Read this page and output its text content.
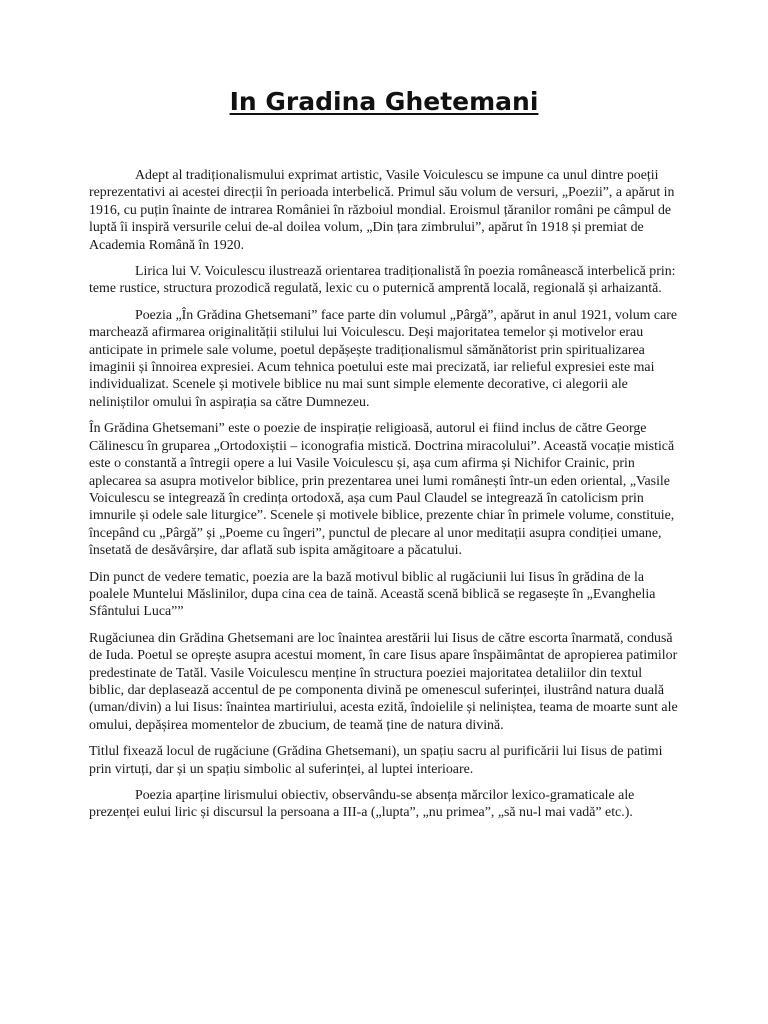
In Gradina Ghetemani

Adept al tradiționalismului exprimat artistic, Vasile Voiculescu se impune ca unul dintre poeții reprezentativi ai acestei direcții în perioada interbelică. Primul său volum de versuri, „Poezii”, a apărut in 1916, cu puțin înainte de intrarea României în războiul mondial. Eroismul țăranilor români pe câmpul de luptă îi inspiră versurile celui de-al doilea volum, „Din țara zimbrului”, apărut în 1918 și premiat de Academia Română în 1920.

Lirica lui V. Voiculescu ilustrează orientarea tradiționalistă în poezia românească interbelică prin: teme rustice, structura prozodică regulată, lexic cu o puternică amprentă locală, regională și arhaizantă.

Poezia „În Grădina Ghetsemani” face parte din volumul „Pârgă”, apărut in anul 1921, volum care marchează afirmarea originalității stilului lui Voiculescu. Deși majoritatea temelor și motivelor erau anticipate in primele sale volume, poetul depășește tradiționalismul sămănătorist prin spiritualizarea imaginii și înnoirea expresiei. Acum tehnica poetului este mai precizată, iar relieful expresiei este mai individualizat. Scenele și motivele biblice nu mai sunt simple elemente decorative, ci alegorii ale neliniștilor omului în aspirația sa către Dumnezeu.

În Grădina Ghetsemani” este o poezie de inspirație religioasă, autorul ei fiind inclus de către George Călinescu în gruparea „Ortodoxiștii – iconografia mistică. Doctrina miracolului”. Această vocație mistică este o constantă a întregii opere a lui Vasile Voiculescu și, așa cum afirma și Nichifor Crainic, prin aplecarea sa asupra motivelor biblice, prin prezentarea unei lumi românești într-un eden oriental, „Vasile Voiculescu se integrează în credința ortodoxă, așa cum Paul Claudel se integrează în catolicism prin imnurile și odele sale liturgice”. Scenele și motivele biblice, prezente chiar în primele volume, constituie, începând cu „Pârgă” și „Poeme cu îngeri”, punctul de plecare al unor meditații asupra condiției umane, însetată de desăvârșire, dar aflată sub ispita amăgitoare a păcatului.

Din punct de vedere tematic, poezia are la bază motivul biblic al rugăciunii lui Iisus în grădina de la poalele Muntelui Măslinilor, dupa cina cea de taină. Această scenă biblică se regasește în „Evanghelia Sfântului Luca””

Rugăciunea din Grădina Ghetsemani are loc înaintea arestării lui Iisus de către escorta înarmată, condusă de Iuda. Poetul se oprește asupra acestui moment, în care Iisus apare înspăimântat de apropierea patimilor predestinate de Tatăl. Vasile Voiculescu menține în structura poeziei majoritatea detaliilor din textul biblic, dar deplasează accentul de pe componenta divină pe omenescul suferinței, ilustrând natura duală (uman/divin) a lui Iisus: înaintea martiriului, acesta ezită, îndoielile și neliniștea, teama de moarte sunt ale omului, depășirea momentelor de zbucium, de teamă ține de natura divină.

Titlul fixează locul de rugăciune (Grădina Ghetsemani), un spațiu sacru al purificării lui Iisus de patimi prin virtuți, dar și un spațiu simbolic al suferinței, al luptei interioare.

Poezia aparține lirismului obiectiv, observându-se absența mărcilor lexico-gramaticale ale prezenței eului liric și discursul la persoana a III-a („lupta”, „nu primea”, „să nu-l mai vadă” etc.).
